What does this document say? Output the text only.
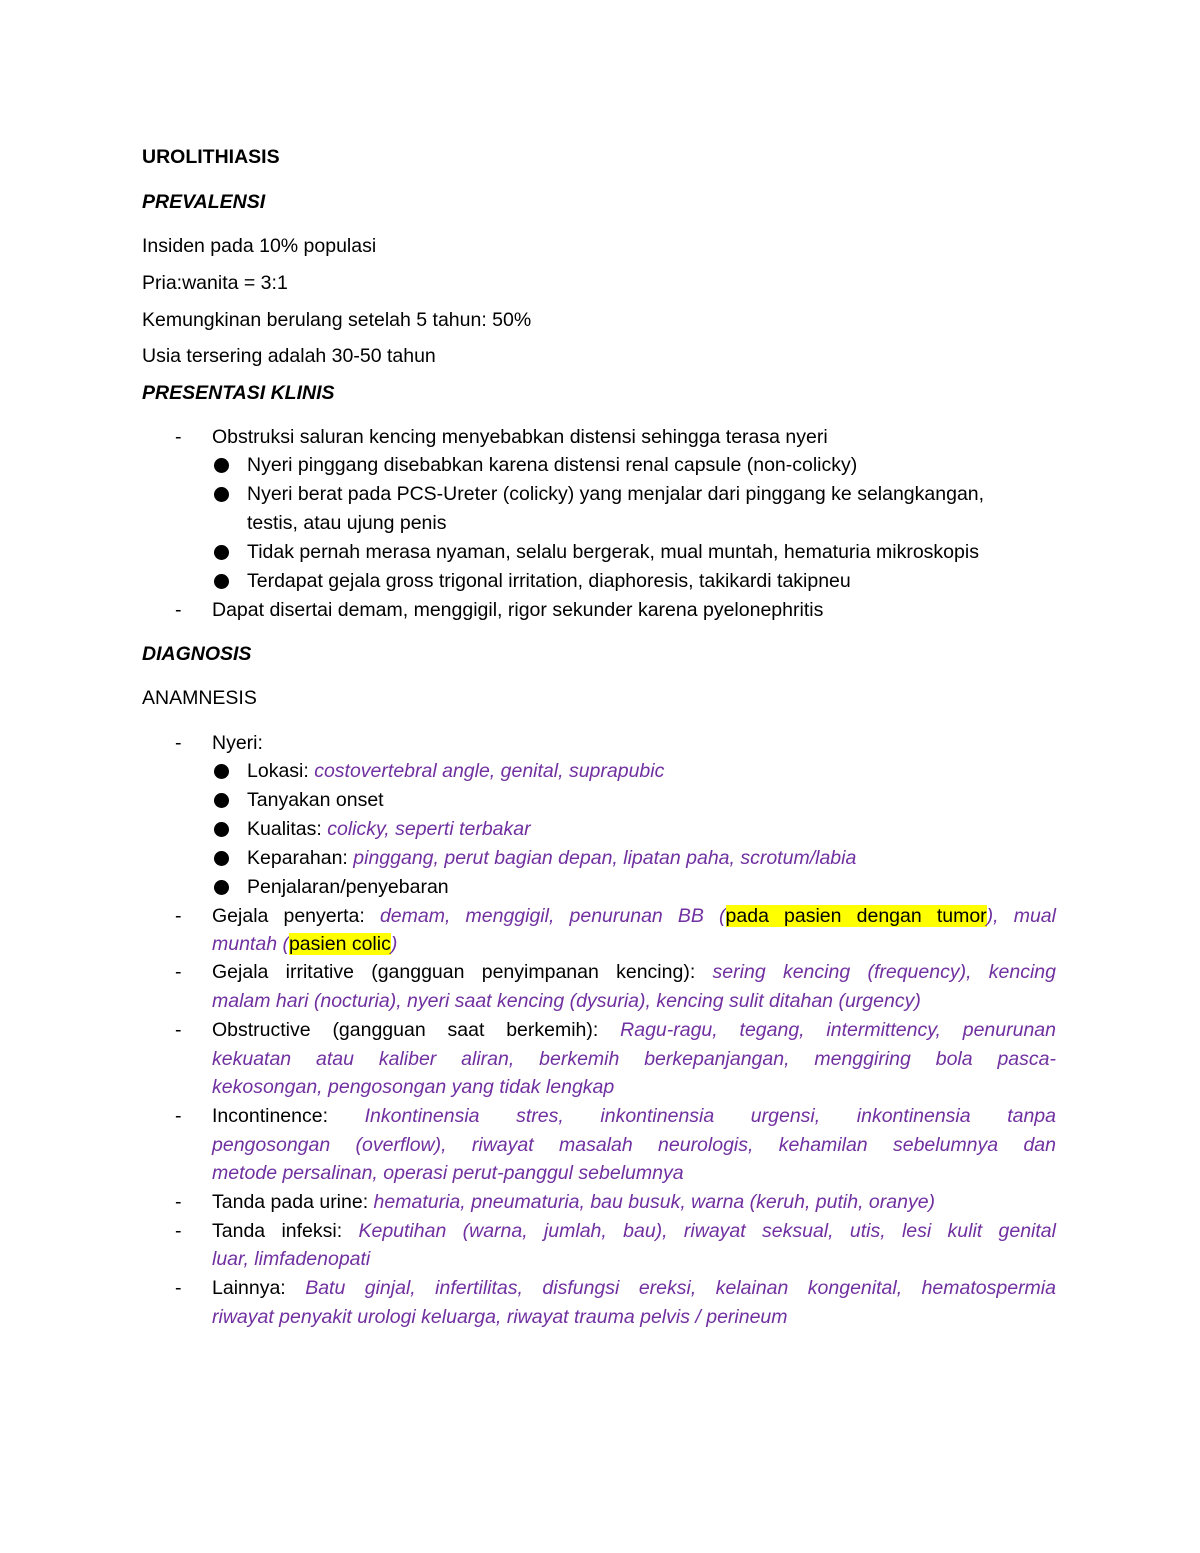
UROLITHIASIS
PREVALENSI
Insiden pada 10% populasi
Pria:wanita = 3:1
Kemungkinan berulang setelah 5 tahun: 50%
Usia tersering adalah 30-50 tahun
PRESENTASI KLINIS
- Obstruksi saluran kencing menyebabkan distensi sehingga terasa nyeri
Nyeri pinggang disebabkan karena distensi renal capsule (non-colicky)
Nyeri berat pada PCS-Ureter (colicky) yang menjalar dari pinggang ke selangkangan,
testis, atau ujung penis
Tidak pernah merasa nyaman, selalu bergerak, mual muntah, hematuria mikroskopis
Terdapat gejala gross trigonal irritation, diaphoresis, takikardi takipneu
- Dapat disertai demam, menggigil, rigor sekunder karena pyelonephritis
DIAGNOSIS
ANAMNESIS
- Nyeri:
Lokasi: costovertebral angle, genital, suprapubic
Tanyakan onset
Kualitas: colicky, seperti terbakar
Keparahan: pinggang, perut bagian depan, lipatan paha, scrotum/labia
Penjalaran/penyebaran
- Gejala penyerta: demam, menggigil, penurunan BB (pada pasien dengan tumor), mual
muntah (pasien colic)
- Gejala irritative (gangguan penyimpanan kencing): sering kencing (frequency), kencing
malam hari (nocturia), nyeri saat kencing (dysuria), kencing sulit ditahan (urgency)
- Obstructive (gangguan saat berkemih): Ragu-ragu, tegang, intermittency, penurunan
kekuatan atau kaliber aliran, berkemih berkepanjangan, menggiring bola pasca-
kekosongan, pengosongan yang tidak lengkap
- Incontinence: Inkontinensia stres, inkontinensia urgensi, inkontinensia tanpa
pengosongan (overflow), riwayat masalah neurologis, kehamilan sebelumnya dan
metode persalinan, operasi perut-panggul sebelumnya
- Tanda pada urine: hematuria, pneumaturia, bau busuk, warna (keruh, putih, oranye)
- Tanda infeksi: Keputihan (warna, jumlah, bau), riwayat seksual, utis, lesi kulit genital
luar, limfadenopati
- Lainnya: Batu ginjal, infertilitas, disfungsi ereksi, kelainan kongenital, hematospermia
riwayat penyakit urologi keluarga, riwayat trauma pelvis / perineum
